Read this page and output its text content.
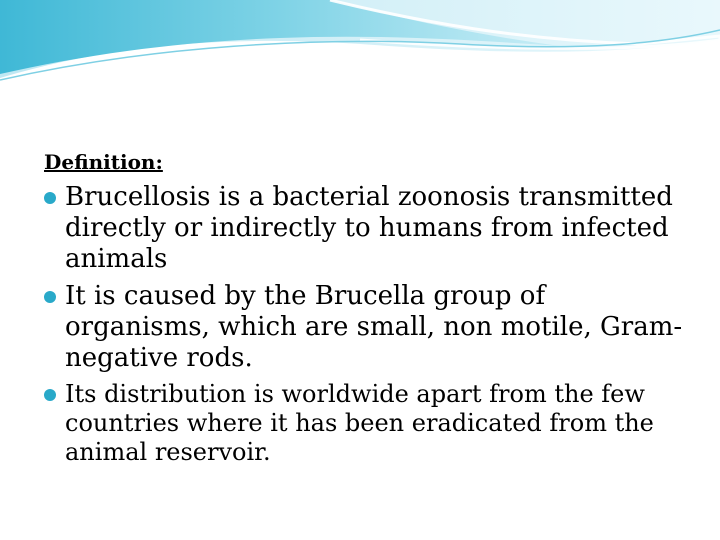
Definition:
Brucellosis is a bacterial zoonosis transmitted directly or indirectly to humans from infected animals
It is caused by the Brucella group of organisms, which are small, non motile, Gram-negative rods.
Its distribution is worldwide apart from the few countries where it has been eradicated from the animal reservoir.
